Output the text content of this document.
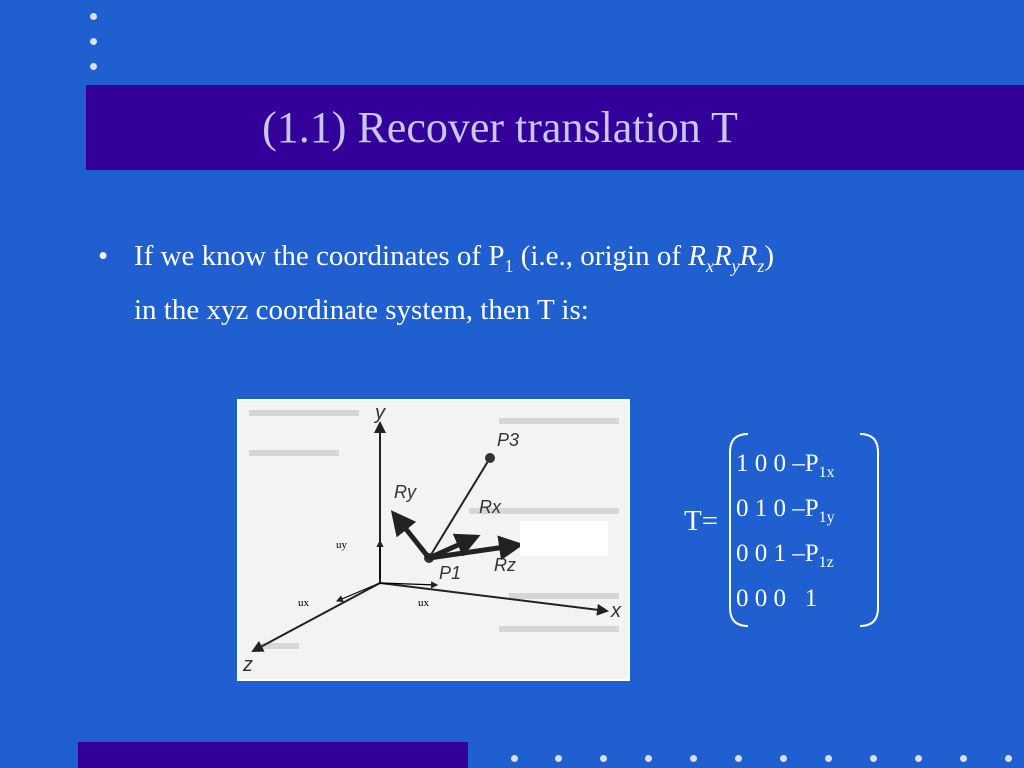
(1.1) Recover translation T
• If we know the coordinates of $P_1$ (i.e., origin of $R_xR_yR_z$)
in the xyz coordinate system, then T is:
y
x
z
P3
Ry
Rx
P1 Rz
uy
ux	ux
T=
1 0 0 $-P_{1x}$
0 1 0 $-P_{1y}$
0 0 1 $-P_{1z}$
0 0 0   1
